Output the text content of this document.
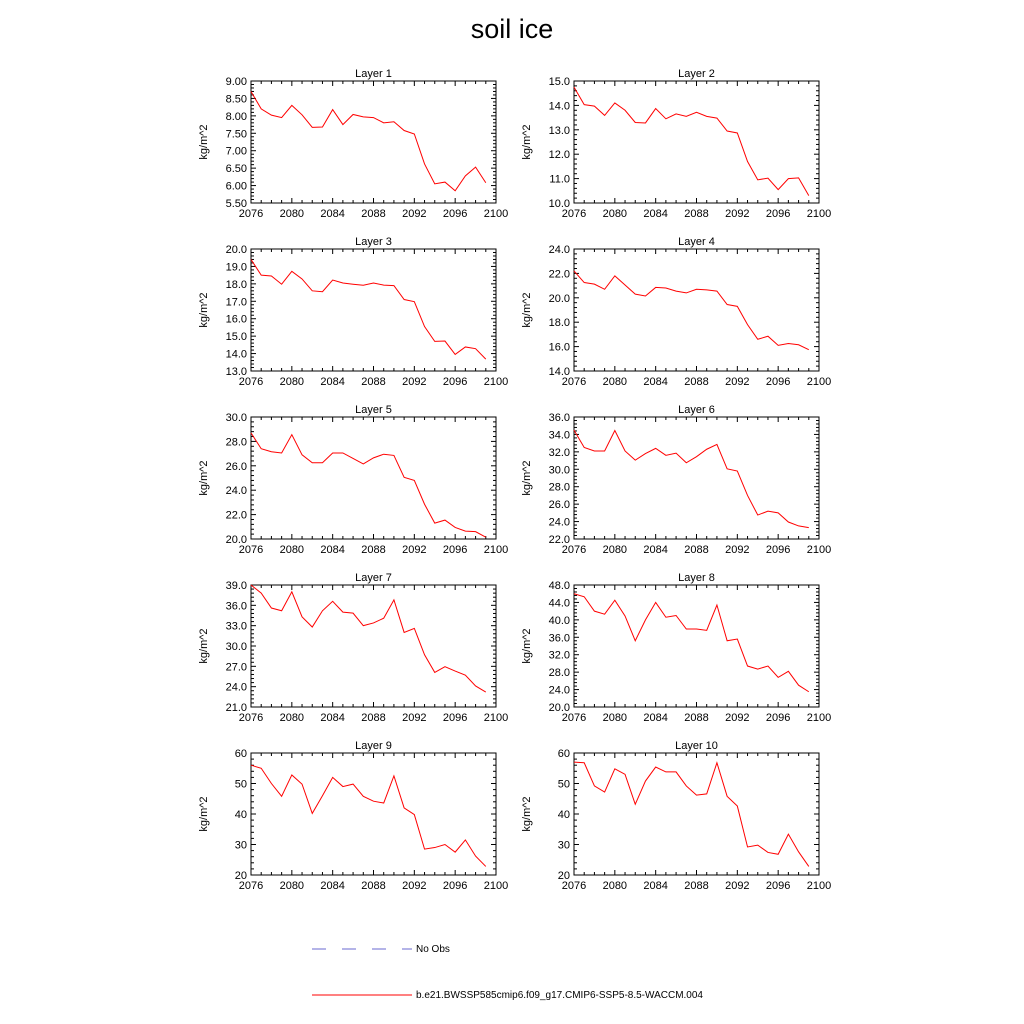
soil ice
Layer 1
kg/m^2
2076 2080 2084 2088 2092 2096 2100
5.50
6.00
6.50
7.00
7.50
8.00
8.50
9.00
Layer 2
kg/m^2
2076 2080 2084 2088 2092 2096 2100
10.0
11.0
12.0
13.0
14.0
15.0
Layer 3
kg/m^2
2076 2080 2084 2088 2092 2096 2100
13.0
14.0
15.0
16.0
17.0
18.0
19.0
20.0
Layer 4
kg/m^2
2076 2080 2084 2088 2092 2096 2100
14.0
16.0
18.0
20.0
22.0
24.0
Layer 5
kg/m^2
2076 2080 2084 2088 2092 2096 2100
20.0
22.0
24.0
26.0
28.0
30.0
Layer 6
kg/m^2
2076 2080 2084 2088 2092 2096 2100
22.0
24.0
26.0
28.0
30.0
32.0
34.0
36.0
Layer 7
kg/m^2
2076 2080 2084 2088 2092 2096 2100
21.0
24.0
27.0
30.0
33.0
36.0
39.0
Layer 8
kg/m^2
2076 2080 2084 2088 2092 2096 2100
20.0
24.0
28.0
32.0
36.0
40.0
44.0
48.0
Layer 9
kg/m^2
2076 2080 2084 2088 2092 2096 2100
20
30
40
50
60
Layer 10
kg/m^2
2076 2080 2084 2088 2092 2096 2100
20
30
40
50
60
No Obs
b.e21.BWSSP585cmip6.f09_g17.CMIP6-SSP5-8.5-WACCM.004
